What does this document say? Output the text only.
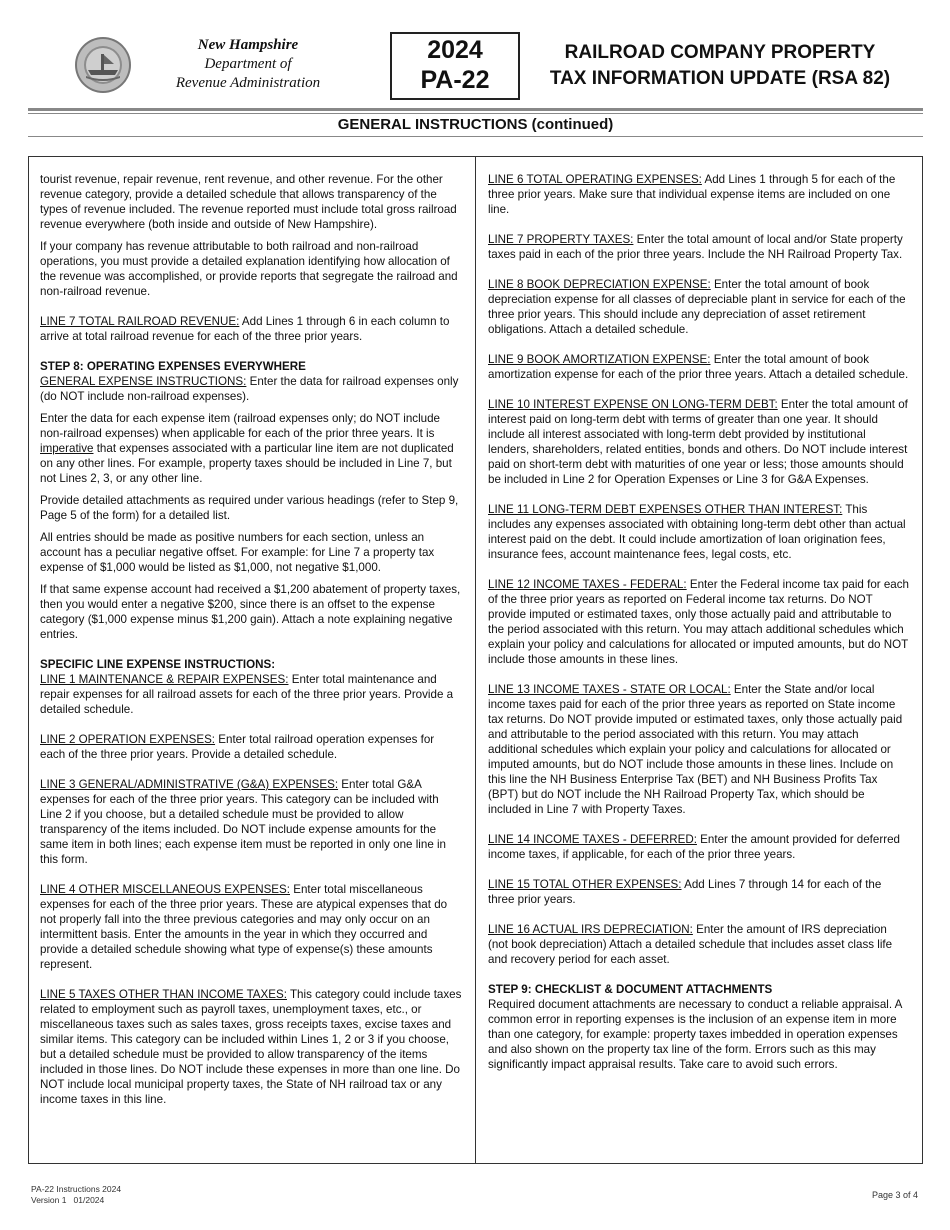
New Hampshire
Department of
Revenue Administration
2024
PA-22
RAILROAD COMPANY PROPERTY
TAX INFORMATION UPDATE (RSA 82)
GENERAL INSTRUCTIONS (continued)

tourist revenue, repair revenue, rent revenue, and other revenue. For the other revenue category, provide a detailed schedule that allows transparency of the types of revenue included. The revenue reported must include total gross railroad revenue everywhere (both inside and outside of New Hampshire).

If your company has revenue attributable to both railroad and non-railroad operations, you must provide a detailed explanation identifying how allocation of the revenue was accomplished, or provide reports that segregate the railroad and non-railroad revenue.

LINE 7 TOTAL RAILROAD REVENUE: Add Lines 1 through 6 in each column to arrive at total railroad revenue for each of the three prior years.

STEP 8: OPERATING EXPENSES EVERYWHERE
GENERAL EXPENSE INSTRUCTIONS: Enter the data for railroad expenses only (do NOT include non-railroad expenses).

Enter the data for each expense item (railroad expenses only; do NOT include non-railroad expenses) when applicable for each of the prior three years. It is imperative that expenses associated with a particular line item are not duplicated on any other lines. For example, property taxes should be included in Line 7, but not Lines 2, 3, or any other line.

Provide detailed attachments as required under various headings (refer to Step 9, Page 5 of the form) for a detailed list.

All entries should be made as positive numbers for each section, unless an account has a peculiar negative offset. For example: for Line 7 a property tax expense of $1,000 would be listed as $1,000, not negative $1,000.

If that same expense account had received a $1,200 abatement of property taxes, then you would enter a negative $200, since there is an offset to the expense category ($1,000 expense minus $1,200 gain). Attach a note explaining negative entries.

SPECIFIC LINE EXPENSE INSTRUCTIONS:
LINE 1 MAINTENANCE & REPAIR EXPENSES: Enter total maintenance and repair expenses for all railroad assets for each of the three prior years. Provide a detailed schedule.

LINE 2 OPERATION EXPENSES: Enter total railroad operation expenses for each of the three prior years. Provide a detailed schedule.

LINE 3 GENERAL/ADMINISTRATIVE (G&A) EXPENSES: Enter total G&A expenses for each of the three prior years. This category can be included with Line 2 if you choose, but a detailed schedule must be provided to allow transparency of the items included. Do NOT include expense amounts for the same item in both lines; each expense item must be reported in only one line in this form.

LINE 4 OTHER MISCELLANEOUS EXPENSES: Enter total miscellaneous expenses for each of the three prior years. These are atypical expenses that do not properly fall into the three previous categories and may only occur on an intermittent basis. Enter the amounts in the year in which they occurred and provide a detailed schedule showing what type of expense(s) these amounts represent.

LINE 5 TAXES OTHER THAN INCOME TAXES: This category could include taxes related to employment such as payroll taxes, unemployment taxes, etc., or miscellaneous taxes such as sales taxes, gross receipts taxes, excise taxes and similar items. This category can be included within Lines 1, 2 or 3 if you choose, but a detailed schedule must be provided to allow transparency of the items included in those lines. Do NOT include these expenses in more than one line. Do NOT include local municipal property taxes, the State of NH railroad tax or any income taxes in this line.

LINE 6 TOTAL OPERATING EXPENSES: Add Lines 1 through 5 for each of the three prior years. Make sure that individual expense items are included on one line.

LINE 7 PROPERTY TAXES: Enter the total amount of local and/or State property taxes paid in each of the prior three years. Include the NH Railroad Property Tax.

LINE 8 BOOK DEPRECIATION EXPENSE: Enter the total amount of book depreciation expense for all classes of depreciable plant in service for each of the three prior years. This should include any depreciation of asset retirement obligations. Attach a detailed schedule.

LINE 9 BOOK AMORTIZATION EXPENSE: Enter the total amount of book amortization expense for each of the prior three years. Attach a detailed schedule.

LINE 10 INTEREST EXPENSE ON LONG-TERM DEBT: Enter the total amount of interest paid on long-term debt with terms of greater than one year. It should include all interest associated with long-term debt provided by institutional lenders, shareholders, related entities, bonds and others. Do NOT include interest paid on short-term debt with maturities of one year or less; those amounts should be included in Line 2 for Operation Expenses or Line 3 for G&A Expenses.

LINE 11 LONG-TERM DEBT EXPENSES OTHER THAN INTEREST: This includes any expenses associated with obtaining long-term debt other than actual interest paid on the debt. It could include amortization of loan origination fees, insurance fees, account maintenance fees, legal costs, etc.

LINE 12 INCOME TAXES - FEDERAL: Enter the Federal income tax paid for each of the three prior years as reported on Federal income tax returns. Do NOT provide imputed or estimated taxes, only those actually paid and attributable to the period associated with this return. You may attach additional schedules which explain your policy and calculations for allocated or imputed amounts, but do NOT include those amounts in these lines.

LINE 13 INCOME TAXES - STATE OR LOCAL: Enter the State and/or local income taxes paid for each of the prior three years as reported on State income tax returns. Do NOT provide imputed or estimated taxes, only those actually paid and attributable to the period associated with this return. You may attach additional schedules which explain your policy and calculations for allocated or imputed amounts, but do NOT include those amounts in these lines. Include on this line the NH Business Enterprise Tax (BET) and NH Business Profits Tax (BPT) but do NOT include the NH Railroad Property Tax, which should be included in Line 7 with Property Taxes.

LINE 14 INCOME TAXES - DEFERRED: Enter the amount provided for deferred income taxes, if applicable, for each of the prior three years.

LINE 15 TOTAL OTHER EXPENSES: Add Lines 7 through 14 for each of the three prior years.

LINE 16 ACTUAL IRS DEPRECIATION: Enter the amount of IRS depreciation (not book depreciation) Attach a detailed schedule that includes asset class life and recovery period for each asset.

STEP 9: CHECKLIST & DOCUMENT ATTACHMENTS
Required document attachments are necessary to conduct a reliable appraisal. A common error in reporting expenses is the inclusion of an expense item in more than one category, for example: property taxes imbedded in operation expenses and also shown on the property tax line of the form. Errors such as this may significantly impact appraisal results. Take care to avoid such errors.

PA-22 Instructions 2024
Version 1   01/2024	Page 3 of 4
